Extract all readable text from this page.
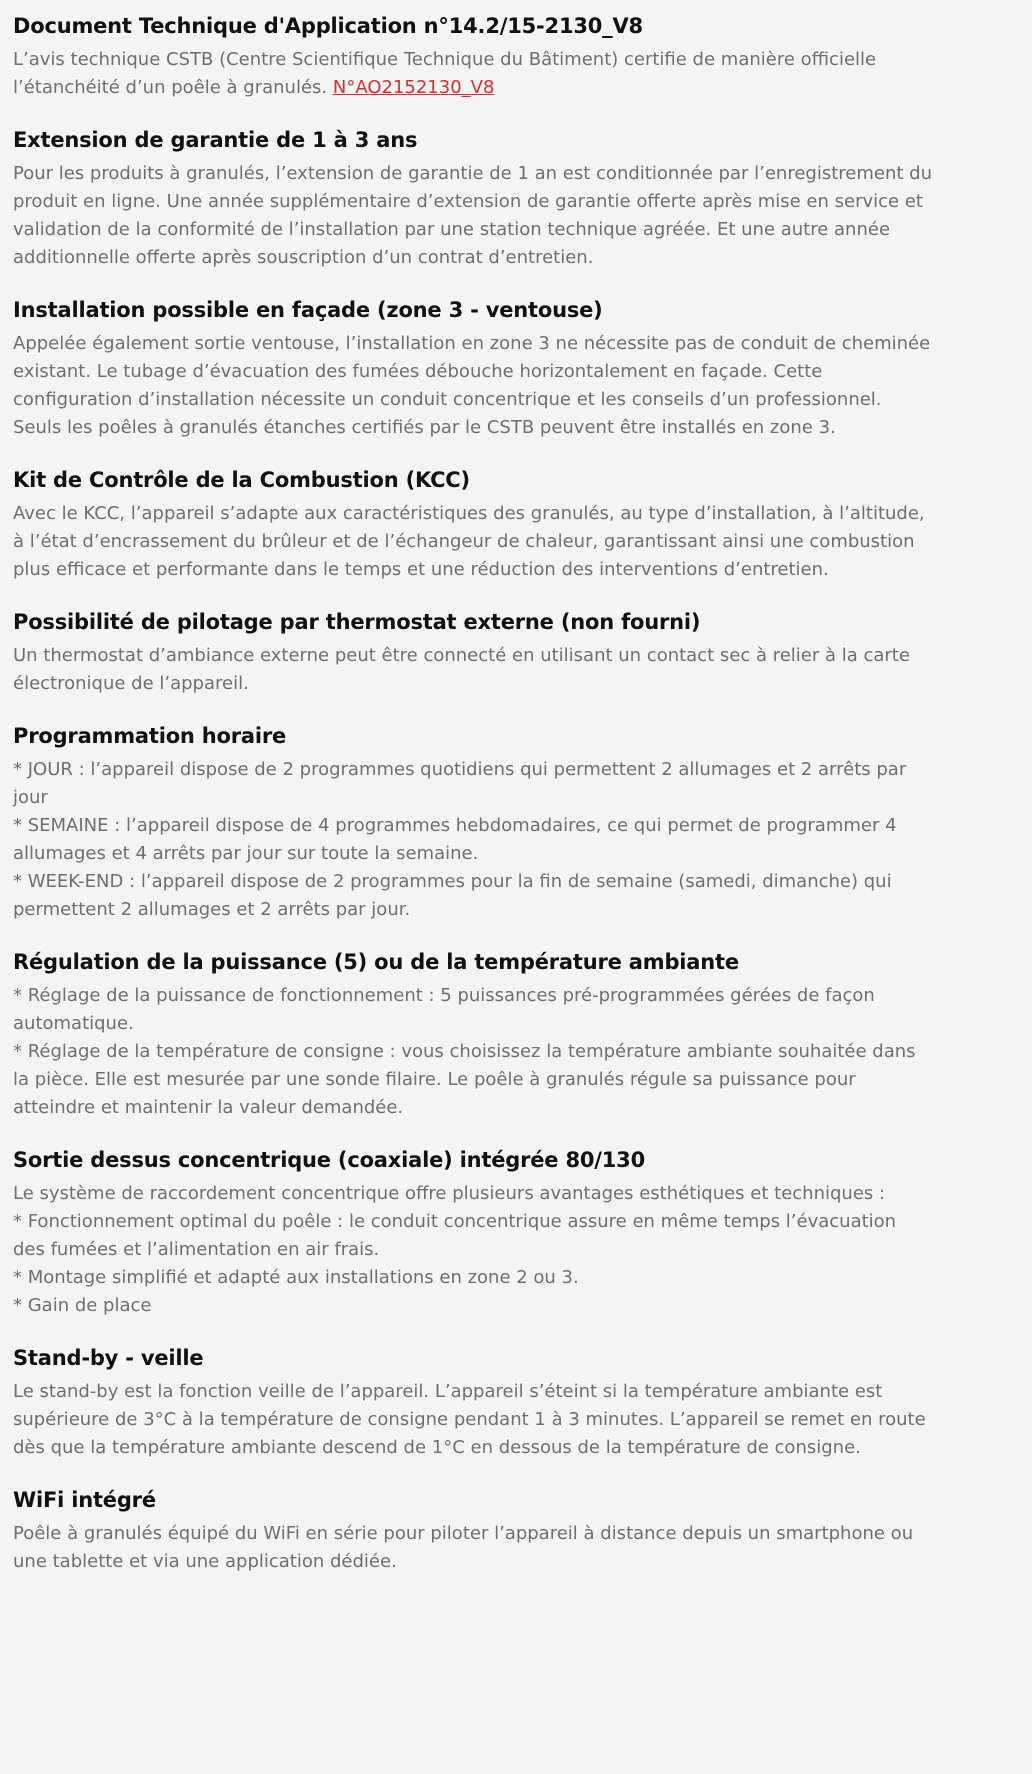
Document Technique d'Application n°14.2/15-2130_V8

L’avis technique CSTB (Centre Scientifique Technique du Bâtiment) certifie de manière officielle l’étanchéité d’un poêle à granulés. N°AO2152130_V8

Extension de garantie de 1 à 3 ans

Pour les produits à granulés, l’extension de garantie de 1 an est conditionnée par l’enregistrement du produit en ligne. Une année supplémentaire d’extension de garantie offerte après mise en service et validation de la conformité de l’installation par une station technique agréée. Et une autre année additionnelle offerte après souscription d’un contrat d’entretien.

Installation possible en façade (zone 3 - ventouse)

Appelée également sortie ventouse, l’installation en zone 3 ne nécessite pas de conduit de cheminée existant. Le tubage d’évacuation des fumées débouche horizontalement en façade. Cette configuration d’installation nécessite un conduit concentrique et les conseils d’un professionnel. Seuls les poêles à granulés étanches certifiés par le CSTB peuvent être installés en zone 3.

Kit de Contrôle de la Combustion (KCC)

Avec le KCC, l’appareil s’adapte aux caractéristiques des granulés, au type d’installation, à l’altitude, à l’état d’encrassement du brûleur et de l’échangeur de chaleur, garantissant ainsi une combustion plus efficace et performante dans le temps et une réduction des interventions d’entretien.

Possibilité de pilotage par thermostat externe (non fourni)

Un thermostat d’ambiance externe peut être connecté en utilisant un contact sec à relier à la carte électronique de l’appareil.

Programmation horaire

* JOUR : l’appareil dispose de 2 programmes quotidiens qui permettent 2 allumages et 2 arrêts par jour
* SEMAINE : l’appareil dispose de 4 programmes hebdomadaires, ce qui permet de programmer 4 allumages et 4 arrêts par jour sur toute la semaine.
* WEEK-END : l’appareil dispose de 2 programmes pour la fin de semaine (samedi, dimanche) qui permettent 2 allumages et 2 arrêts par jour.

Régulation de la puissance (5) ou de la température ambiante

* Réglage de la puissance de fonctionnement : 5 puissances pré-programmées gérées de façon automatique.
* Réglage de la température de consigne : vous choisissez la température ambiante souhaitée dans la pièce. Elle est mesurée par une sonde filaire. Le poêle à granulés régule sa puissance pour atteindre et maintenir la valeur demandée.

Sortie dessus concentrique (coaxiale) intégrée 80/130

Le système de raccordement concentrique offre plusieurs avantages esthétiques et techniques :
* Fonctionnement optimal du poêle : le conduit concentrique assure en même temps l’évacuation des fumées et l’alimentation en air frais.
* Montage simplifié et adapté aux installations en zone 2 ou 3.
* Gain de place

Stand-by - veille

Le stand-by est la fonction veille de l’appareil. L’appareil s’éteint si la température ambiante est supérieure de 3°C à la température de consigne pendant 1 à 3 minutes. L’appareil se remet en route dès que la température ambiante descend de 1°C en dessous de la température de consigne.

WiFi intégré

Poêle à granulés équipé du WiFi en série pour piloter l’appareil à distance depuis un smartphone ou une tablette et via une application dédiée.
